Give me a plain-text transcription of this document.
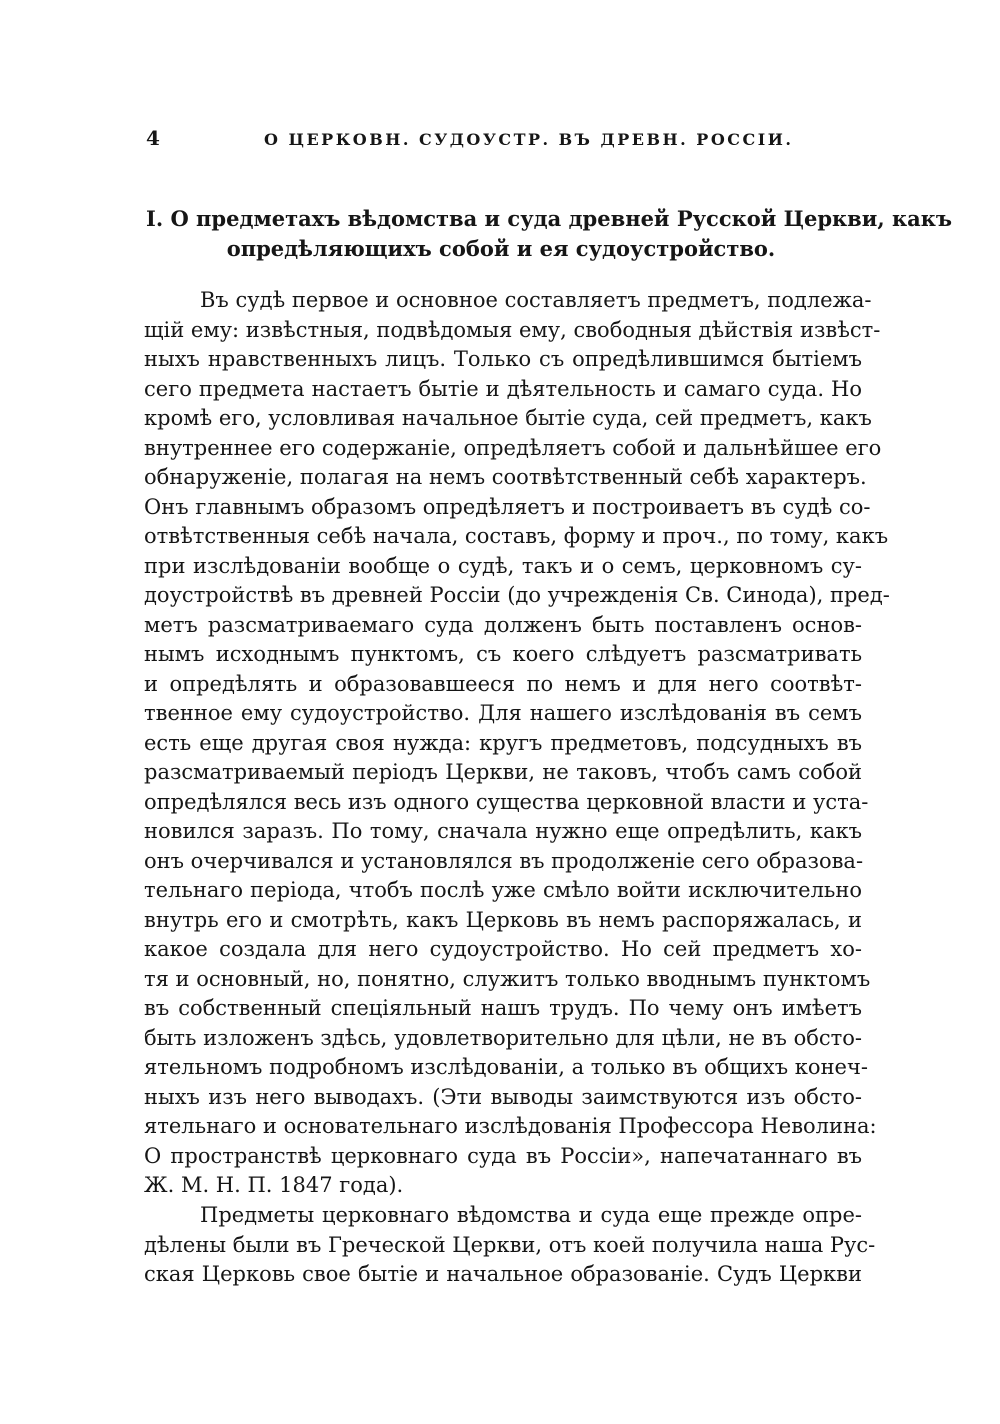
4	О ЦЕРКОВН. СУДОУСТР. ВЪ ДРЕВН. РОССІИ.
I. О предметахъ вѣдомства и суда древней Русской Церкви, какъ
опредѣляющихъ собой и ея судоустройство.

Въ судѣ первое и основное составляетъ предметъ, подлежа-
щій ему: извѣстныя, подвѣдомыя ему, свободныя дѣйствія извѣст-
ныхъ нравственныхъ лицъ. Только съ опредѣлившимся бытіемъ
сего предмета настаетъ бытіе и дѣятельность и самаго суда. Но
кромѣ его, условливая начальное бытіе суда, сей предметъ, какъ
внутреннее его содержаніе, опредѣляетъ собой и дальнѣйшее его
обнаруженіе, полагая на немъ соотвѣтственный себѣ характеръ.
Онъ главнымъ образомъ опредѣляетъ и построиваетъ въ судѣ со-
отвѣтственныя себѣ начала, составъ, форму и проч., по тому, какъ
при изслѣдованіи вообще о судѣ, такъ и о семъ, церковномъ су-
доустройствѣ въ древней Россіи (до учрежденія Св. Синода), пред-
метъ разсматриваемаго суда долженъ быть поставленъ основ-
нымъ исходнымъ пунктомъ, съ коего слѣдуетъ разсматривать
и опредѣлять и образовавшееся по немъ и для него соотвѣт-
твенное ему судоустройство. Для нашего изслѣдованія въ семъ
есть еще другая своя нужда: кругъ предметовъ, подсудныхъ въ
разсматриваемый періодъ Церкви, не таковъ, чтобъ самъ собой
опредѣлялся весь изъ одного существа церковной власти и уста-
новился заразъ. По тому, сначала нужно еще опредѣлить, какъ
онъ очерчивался и установлялся въ продолженіе сего образова-
тельнаго періода, чтобъ послѣ уже смѣло войти исключительно
внутрь его и смотрѣть, какъ Церковь въ немъ распоряжалась, и
какое создала для него судоустройство. Но сей предметъ хо-
тя и основный, но, понятно, служитъ только вводнымъ пунктомъ
въ собственный спеціяльный нашъ трудъ. По чему онъ имѣетъ
быть изложенъ здѣсь, удовлетворительно для цѣли, не въ обсто-
ятельномъ подробномъ изслѣдованіи, а только въ общихъ конеч-
ныхъ изъ него выводахъ. (Эти выводы заимствуются изъ обсто-
ятельнаго и основательнаго изслѣдованія Профессора Неволина:
О пространствѣ церковнаго суда въ Россіи», напечатаннаго въ
Ж. М. Н. П. 1847 года).

Предметы церковнаго вѣдомства и суда еще прежде опре-
дѣлены были въ Греческой Церкви, отъ коей получила наша Рус-
ская Церковь свое бытіе и начальное образованіе. Судъ Церкви
